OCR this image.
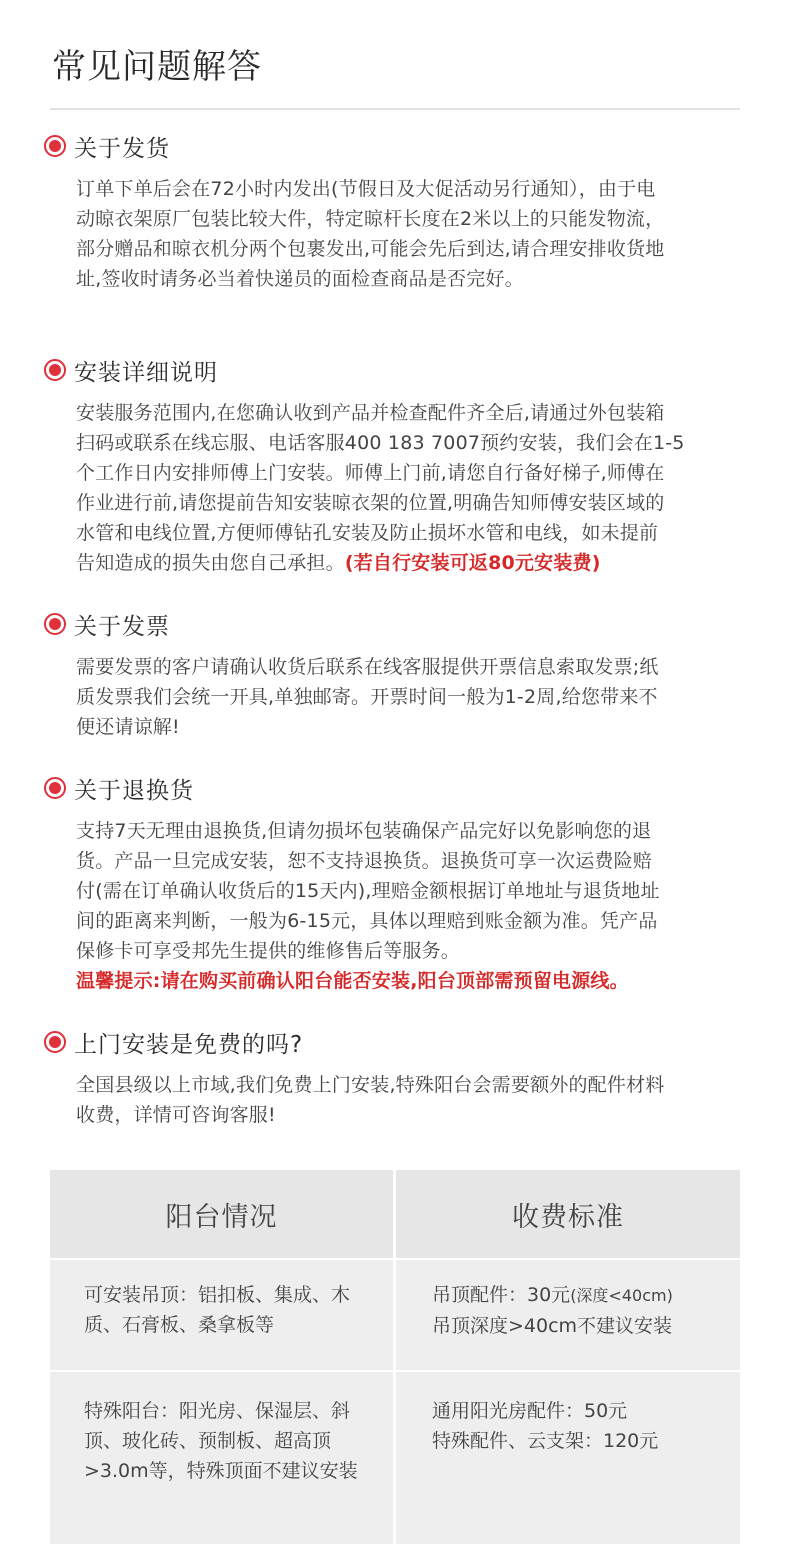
常见问题解答
关于发货
订单下单后会在72小时内发出(节假日及大促活动另行通知），由于电
动晾衣架原厂包装比较大件，特定晾杆长度在2米以上的只能发物流，
部分赠品和晾衣机分两个包裹发出,可能会先后到达,请合理安排收货地
址,签收时请务必当着快递员的面检查商品是否完好。
安装详细说明
安装服务范围内,在您确认收到产品并检查配件齐全后,请通过外包装箱
扫码或联系在线忘服、电话客服400 183 7007预约安装，我们会在1-5
个工作日内安排师傅上门安装。师傅上门前,请您自行备好梯子,师傅在
作业进行前,请您提前告知安装晾衣架的位置,明确告知师傅安装区域的
水管和电线位置,方便师傅钻孔安装及防止损坏水管和电线，如未提前
告知造成的损失由您自己承担。(若自行安装可返80元安装费)
关于发票
需要发票的客户请确认收货后联系在线客服提供开票信息索取发票;纸
质发票我们会统一开具,单独邮寄。开票时间一般为1-2周,给您带来不
便还请谅解!
关于退换货
支持7天无理由退换货,但请勿损坏包装确保产品完好以免影响您的退
货。产品一旦完成安装，恕不支持退换货。退换货可享一次运费险赔
付(需在订单确认收货后的15天内),理赔金额根据订单地址与退货地址
间的距离来判断，一般为6-15元，具体以理赔到账金额为准。凭产品
保修卡可享受邦先生提供的维修售后等服务。
温馨提示:请在购买前确认阳台能否安装,阳台顶部需预留电源线。
上门安装是免费的吗?
全国县级以上市域,我们免费上门安装,特殊阳台会需要额外的配件材料
收费，详情可咨询客服!
阳台情况	收费标准
可安装吊顶：铝扣板、集成、木
质、石膏板、桑拿板等
吊顶配件：30元(深度<40cm)
吊顶深度>40cm不建议安装
特殊阳台：阳光房、保湿层、斜
顶、玻化砖、预制板、超高顶
>3.0m等，特殊顶面不建议安装
通用阳光房配件：50元
特殊配件、云支架：120元
